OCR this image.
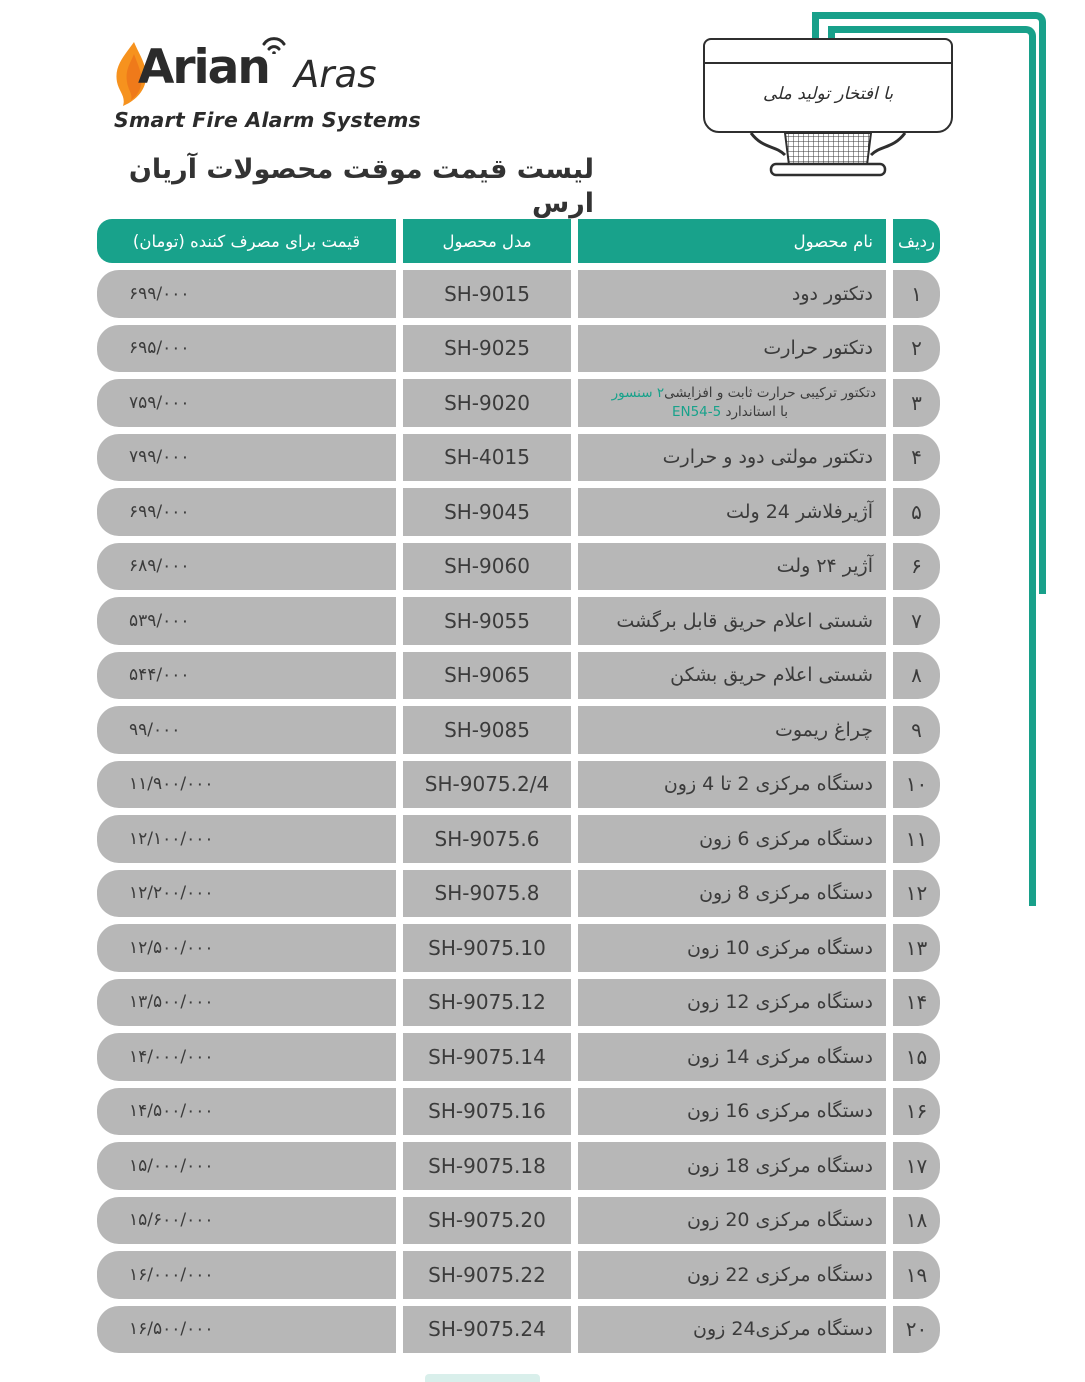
با افتخار تولید ملی
Arian Aras
Smart Fire Alarm Systems
لیست قیمت موقت محصولات آریان ارس
ردیف
نام محصول
مدل محصول
قیمت برای مصرف کننده (تومان)
۱
دتکتور دود
SH-9015
۶۹۹/۰۰۰
۲
دتکتور حرارت
SH-9025
۶۹۵/۰۰۰
۳
دتکتور ترکیبی حرارت ثابت و افزایشی۲ سنسور
با استاندارد EN54-5
SH-9020
۷۵۹/۰۰۰
۴
دتکتور مولتی دود و حرارت
SH-4015
۷۹۹/۰۰۰
۵
آژیرفلاشر 24 ولت
SH-9045
۶۹۹/۰۰۰
۶
آژیر ۲۴ ولت
SH-9060
۶۸۹/۰۰۰
۷
شستی اعلام حریق قابل برگشت
SH-9055
۵۳۹/۰۰۰
۸
شستی اعلام حریق بشکن
SH-9065
۵۴۴/۰۰۰
۹
چراغ ریموت
SH-9085
۹۹/۰۰۰
۱۰
دستگاه مرکزی 2 تا 4 زون
SH-9075.2/4
۱۱/۹۰۰/۰۰۰
۱۱
دستگاه مرکزی 6 زون
SH-9075.6
۱۲/۱۰۰/۰۰۰
۱۲
دستگاه مرکزی 8 زون
SH-9075.8
۱۲/۲۰۰/۰۰۰
۱۳
دستگاه مرکزی 10 زون
SH-9075.10
۱۲/۵۰۰/۰۰۰
۱۴
دستگاه مرکزی 12 زون
SH-9075.12
۱۳/۵۰۰/۰۰۰
۱۵
دستگاه مرکزی 14 زون
SH-9075.14
۱۴/۰۰۰/۰۰۰
۱۶
دستگاه مرکزی 16 زون
SH-9075.16
۱۴/۵۰۰/۰۰۰
۱۷
دستگاه مرکزی 18 زون
SH-9075.18
۱۵/۰۰۰/۰۰۰
۱۸
دستگاه مرکزی 20 زون
SH-9075.20
۱۵/۶۰۰/۰۰۰
۱۹
دستگاه مرکزی 22 زون
SH-9075.22
۱۶/۰۰۰/۰۰۰
۲۰
دستگاه مرکزی24 زون
SH-9075.24
۱۶/۵۰۰/۰۰۰
